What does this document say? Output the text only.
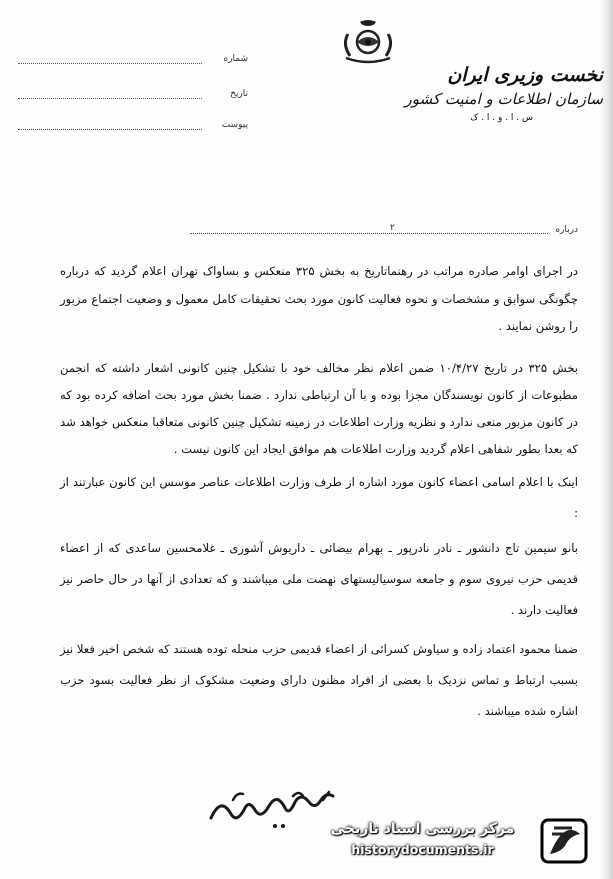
شماره
تاریخ
پیوست
نخست وزیری ایران
سازمان اطلاعات و امنیت کشور
س . ا . و . ا . ک
درباره
۲

در اجرای اوامر صادره مراتب در رهنماتاریخ به بخش ۳۲۵ منعکس و بساواک تهران اعلام گردید که درباره چگونگی سوابق و مشخصات و نحوه فعالیت کانون مورد بحث تحقیقات کامل معمول و وضعیت اجتماع مزبور را روشن نمایند .

بخش ۳۲۵ در تاریخ ۱۰/۴/۲۷ ضمن اعلام نظر مخالف خود با تشکیل چنین کانونی اشعار داشته که انجمن مطبوعات از کانون نویسندگان مجزا بوده و با آن ارتباطی ندارد . ضمنا بخش مورد بحث اضافه کرده بود که در کانون مزبور منعی ندارد و نظریه وزارت اطلاعات در زمینه تشکیل چنین کانونی متعاقبا منعکس خواهد شد که بعدا بطور شفاهی اعلام گردید وزارت اطلاعات هم موافق ایجاد این کانون نیست .

اینک با اعلام اسامی اعضاء کانون مورد اشاره از طرف وزارت اطلاعات عناصر موسس این کانون عبارتند از :

بانو سیمین تاج دانشور ـ نادر نادرپور ـ بهرام بیضائی ـ داریوش آشوری ـ غلامحسین ساعدی که از اعضاء قدیمی حزب نیروی سوم و جامعه سوسیالیستهای نهضت ملی میباشند و که تعدادی از آنها در حال حاضر نیز فعالیت دارند .

ضمنا محمود اعتماد زاده و سیاوش کسرائی از اعضاء قدیمی حزب منحله توده هستند که شخص اخیر فعلا نیز بسبب ارتباط و تماس نزدیک با بعضی از افراد مظنون دارای وضعیت مشکوک از نظر فعالیت بسود حزب اشاره شده میباشند .

مرکز بررسی اسناد تاریخی
historydocuments.ir
